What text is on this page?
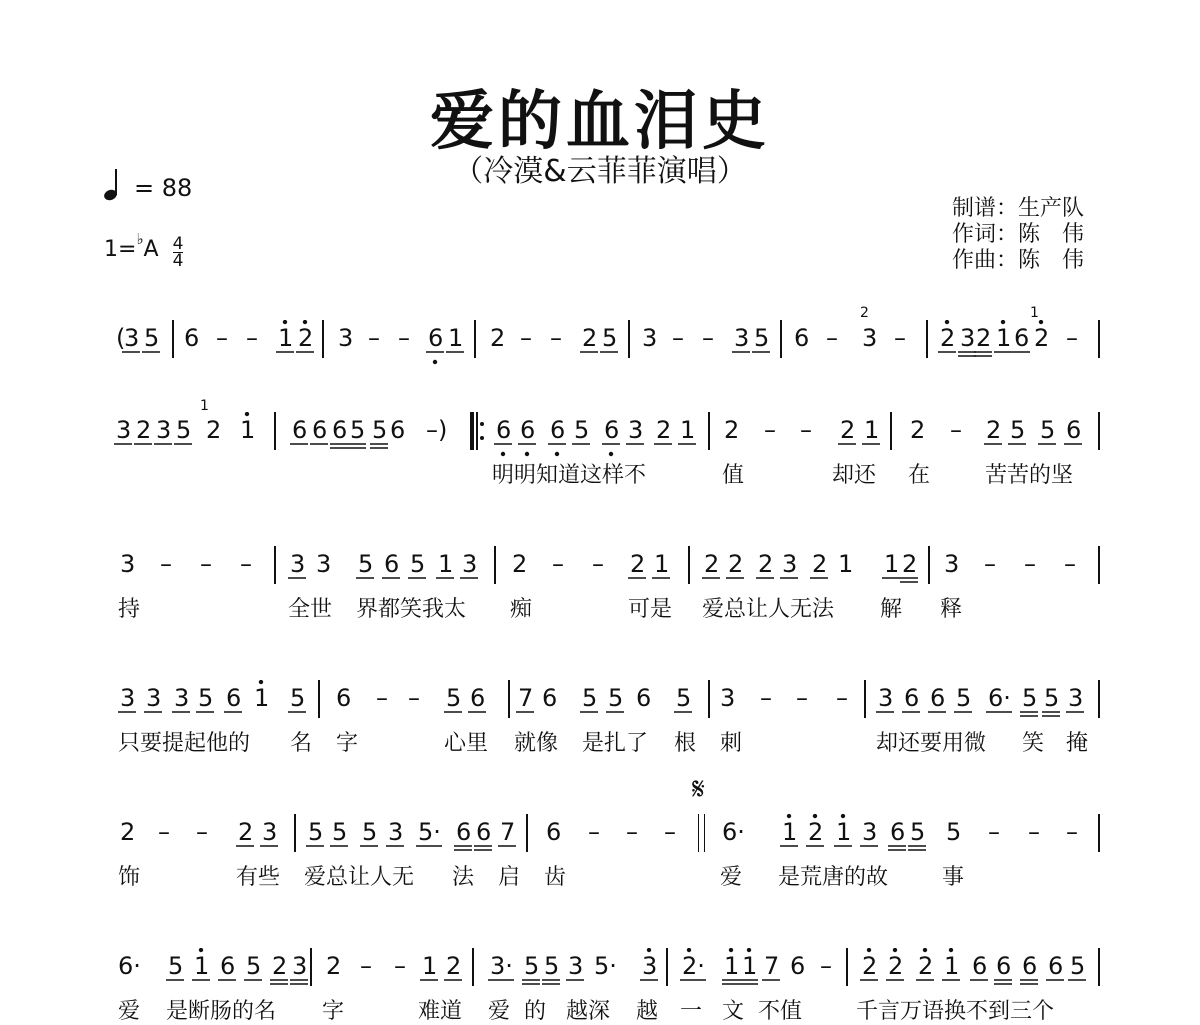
爱的血泪史
（冷漠&云菲菲演唱）
= 88
$1=^♭A \frac{4}{4}$
制谱：生产队
作词：陈　伟
作曲：陈　伟
(
3 5 6 – – 1 2 3 – – 6 1 2 – – 2 5 3 – – 3 5 6 – 3 – 2 3 2 1 6 2 –
3 2 3 5 2 1 6 6 6 5 5 6 –) 6 6 6 5 6 3 2 1 2 – – 2 1 2 – 2 5 5 6
明明知道这样不	值	却还 在 苦苦的坚
3 – – – 3 3 5 6 5 1 3 2 – – 2 1 2 2 2 3 2 1 1 2 3 – – –
持	全世 界都笑我太 痴	可是 爱总让人无法 解 释
3 3 3 5 6 1 5 6 – – 5 6 7 6 5 5 6 5 3 – – – 3 6 6 5 6· 5 5 3
只要提起他的 名 字	心里 就像 是扎了 根 刺	却还要用微 笑 掩
2 – – 2 3 5 5 5 3 5· 6 6 7 6 – – – 6· 1 2 1 3 6 5 5 – – –
饰	有些 爱总让人无 法 启 齿	爱 是荒唐的故 事
6· 5 1 6 5 2 3 2 – – 1 2 3· 5 5 3 5· 3 2· 1 1 7 6 – 2 2 2 1 6 6 6 6 5
爱 是断肠的名 字	难道 爱 的 越深 越 一 文 不值 千言万语换不到三个
2	1
1
𝄋
